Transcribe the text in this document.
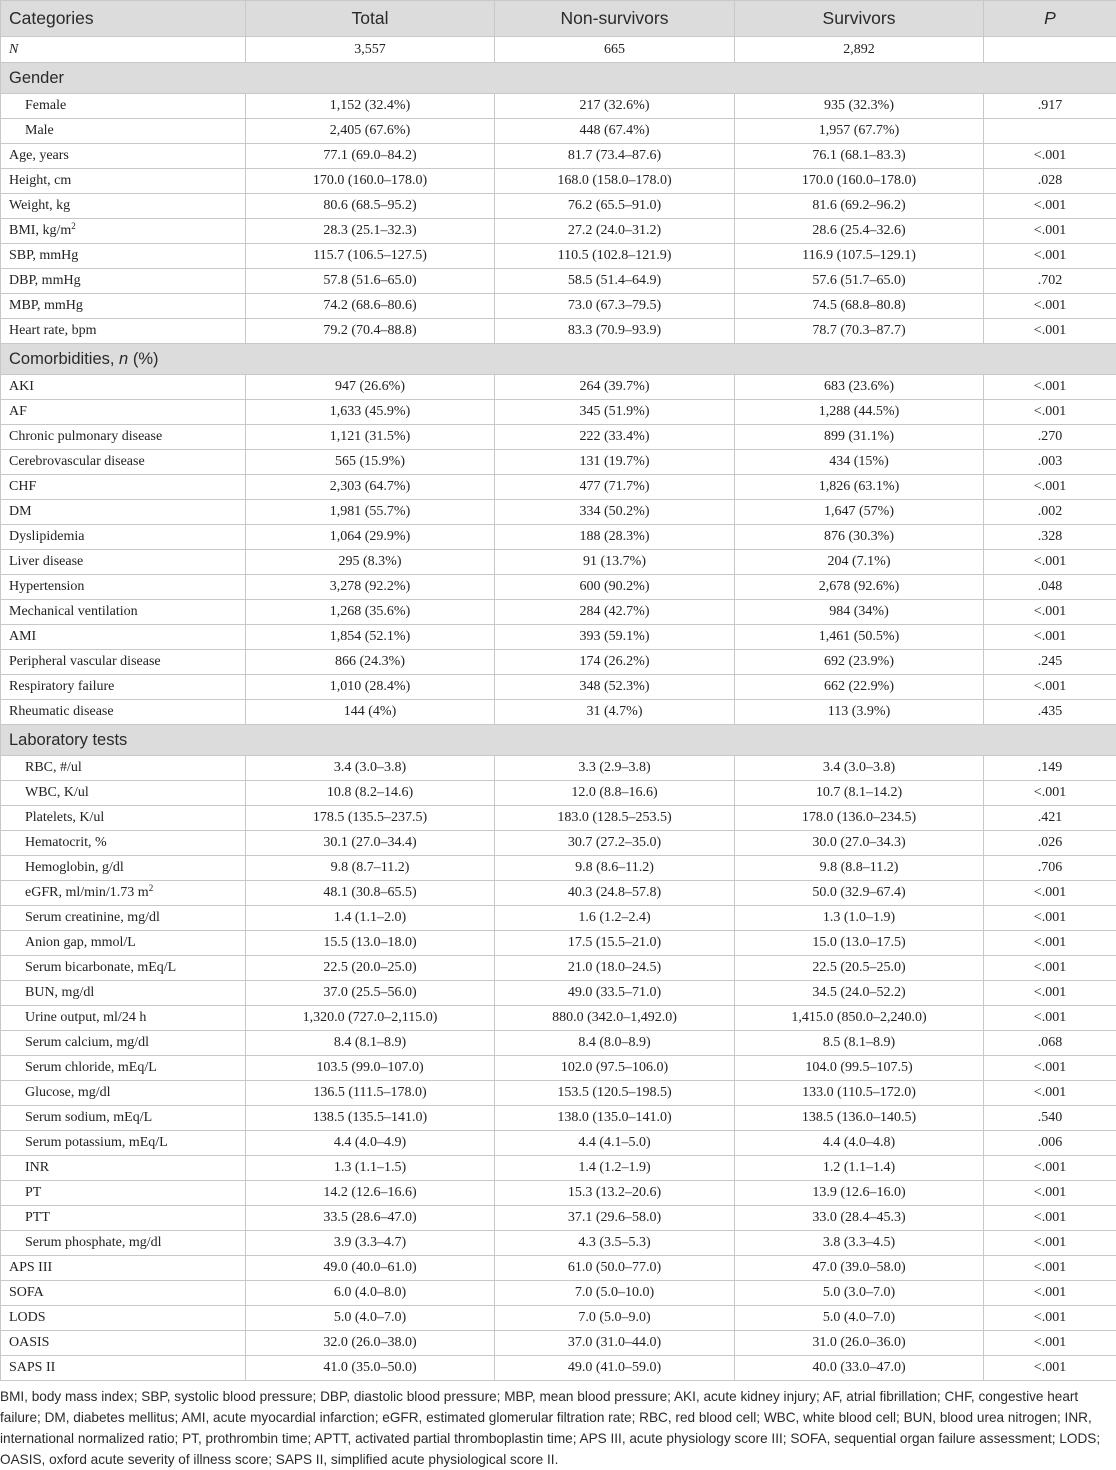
Categories	Total	Non-survivors	Survivors	P
N	3,557	665	2,892	
Gender				
Female	1,152 (32.4%)	217 (32.6%)	935 (32.3%)	.917
Male	2,405 (67.6%)	448 (67.4%)	1,957 (67.7%)	
Age, years	77.1 (69.0–84.2)	81.7 (73.4–87.6)	76.1 (68.1–83.3)	<.001
Height, cm	170.0 (160.0–178.0)	168.0 (158.0–178.0)	170.0 (160.0–178.0)	.028
Weight, kg	80.6 (68.5–95.2)	76.2 (65.5–91.0)	81.6 (69.2–96.2)	<.001
BMI, $kg/m^2$	28.3 (25.1–32.3)	27.2 (24.0–31.2)	28.6 (25.4–32.6)	<.001
SBP, mmHg	115.7 (106.5–127.5)	110.5 (102.8–121.9)	116.9 (107.5–129.1)	<.001
DBP, mmHg	57.8 (51.6–65.0)	58.5 (51.4–64.9)	57.6 (51.7–65.0)	.702
MBP, mmHg	74.2 (68.6–80.6)	73.0 (67.3–79.5)	74.5 (68.8–80.8)	<.001
Heart rate, bpm	79.2 (70.4–88.8)	83.3 (70.9–93.9)	78.7 (70.3–87.7)	<.001
Comorbidities, n (%)				
AKI	947 (26.6%)	264 (39.7%)	683 (23.6%)	<.001
AF	1,633 (45.9%)	345 (51.9%)	1,288 (44.5%)	<.001
Chronic pulmonary disease	1,121 (31.5%)	222 (33.4%)	899 (31.1%)	.270
Cerebrovascular disease	565 (15.9%)	131 (19.7%)	434 (15%)	.003
CHF	2,303 (64.7%)	477 (71.7%)	1,826 (63.1%)	<.001
DM	1,981 (55.7%)	334 (50.2%)	1,647 (57%)	.002
Dyslipidemia	1,064 (29.9%)	188 (28.3%)	876 (30.3%)	.328
Liver disease	295 (8.3%)	91 (13.7%)	204 (7.1%)	<.001
Hypertension	3,278 (92.2%)	600 (90.2%)	2,678 (92.6%)	.048
Mechanical ventilation	1,268 (35.6%)	284 (42.7%)	984 (34%)	<.001
AMI	1,854 (52.1%)	393 (59.1%)	1,461 (50.5%)	<.001
Peripheral vascular disease	866 (24.3%)	174 (26.2%)	692 (23.9%)	.245
Respiratory failure	1,010 (28.4%)	348 (52.3%)	662 (22.9%)	<.001
Rheumatic disease	144 (4%)	31 (4.7%)	113 (3.9%)	.435
Laboratory tests				
RBC, #/ul	3.4 (3.0–3.8)	3.3 (2.9–3.8)	3.4 (3.0–3.8)	.149
WBC, K/ul	10.8 (8.2–14.6)	12.0 (8.8–16.6)	10.7 (8.1–14.2)	<.001
Platelets, K/ul	178.5 (135.5–237.5)	183.0 (128.5–253.5)	178.0 (136.0–234.5)	.421
Hematocrit, %	30.1 (27.0–34.4)	30.7 (27.2–35.0)	30.0 (27.0–34.3)	.026
Hemoglobin, g/dl	9.8 (8.7–11.2)	9.8 (8.6–11.2)	9.8 (8.8–11.2)	.706
eGFR, ml/min/1.73 $m^2$	48.1 (30.8–65.5)	40.3 (24.8–57.8)	50.0 (32.9–67.4)	<.001
Serum creatinine, mg/dl	1.4 (1.1–2.0)	1.6 (1.2–2.4)	1.3 (1.0–1.9)	<.001
Anion gap, mmol/L	15.5 (13.0–18.0)	17.5 (15.5–21.0)	15.0 (13.0–17.5)	<.001
Serum bicarbonate, mEq/L	22.5 (20.0–25.0)	21.0 (18.0–24.5)	22.5 (20.5–25.0)	<.001
BUN, mg/dl	37.0 (25.5–56.0)	49.0 (33.5–71.0)	34.5 (24.0–52.2)	<.001
Urine output, ml/24 h	1,320.0 (727.0–2,115.0)	880.0 (342.0–1,492.0)	1,415.0 (850.0–2,240.0)	<.001
Serum calcium, mg/dl	8.4 (8.1–8.9)	8.4 (8.0–8.9)	8.5 (8.1–8.9)	.068
Serum chloride, mEq/L	103.5 (99.0–107.0)	102.0 (97.5–106.0)	104.0 (99.5–107.5)	<.001
Glucose, mg/dl	136.5 (111.5–178.0)	153.5 (120.5–198.5)	133.0 (110.5–172.0)	<.001
Serum sodium, mEq/L	138.5 (135.5–141.0)	138.0 (135.0–141.0)	138.5 (136.0–140.5)	.540
Serum potassium, mEq/L	4.4 (4.0–4.9)	4.4 (4.1–5.0)	4.4 (4.0–4.8)	.006
INR	1.3 (1.1–1.5)	1.4 (1.2–1.9)	1.2 (1.1–1.4)	<.001
PT	14.2 (12.6–16.6)	15.3 (13.2–20.6)	13.9 (12.6–16.0)	<.001
PTT	33.5 (28.6–47.0)	37.1 (29.6–58.0)	33.0 (28.4–45.3)	<.001
Serum phosphate, mg/dl	3.9 (3.3–4.7)	4.3 (3.5–5.3)	3.8 (3.3–4.5)	<.001
APS III	49.0 (40.0–61.0)	61.0 (50.0–77.0)	47.0 (39.0–58.0)	<.001
SOFA	6.0 (4.0–8.0)	7.0 (5.0–10.0)	5.0 (3.0–7.0)	<.001
LODS	5.0 (4.0–7.0)	7.0 (5.0–9.0)	5.0 (4.0–7.0)	<.001
OASIS	32.0 (26.0–38.0)	37.0 (31.0–44.0)	31.0 (26.0–36.0)	<.001
SAPS II	41.0 (35.0–50.0)	49.0 (41.0–59.0)	40.0 (33.0–47.0)	<.001
BMI, body mass index; SBP, systolic blood pressure; DBP, diastolic blood pressure; MBP, mean blood pressure; AKI, acute kidney injury; AF, atrial fibrillation; CHF, congestive heart failure; DM, diabetes mellitus; AMI, acute myocardial infarction; eGFR, estimated glomerular filtration rate; RBC, red blood cell; WBC, white blood cell; BUN, blood urea nitrogen; INR, international normalized ratio; PT, prothrombin time; APTT, activated partial thromboplastin time; APS III, acute physiology score III; SOFA, sequential organ failure assessment; LODS; OASIS, oxford acute severity of illness score; SAPS II, simplified acute physiological score II.
